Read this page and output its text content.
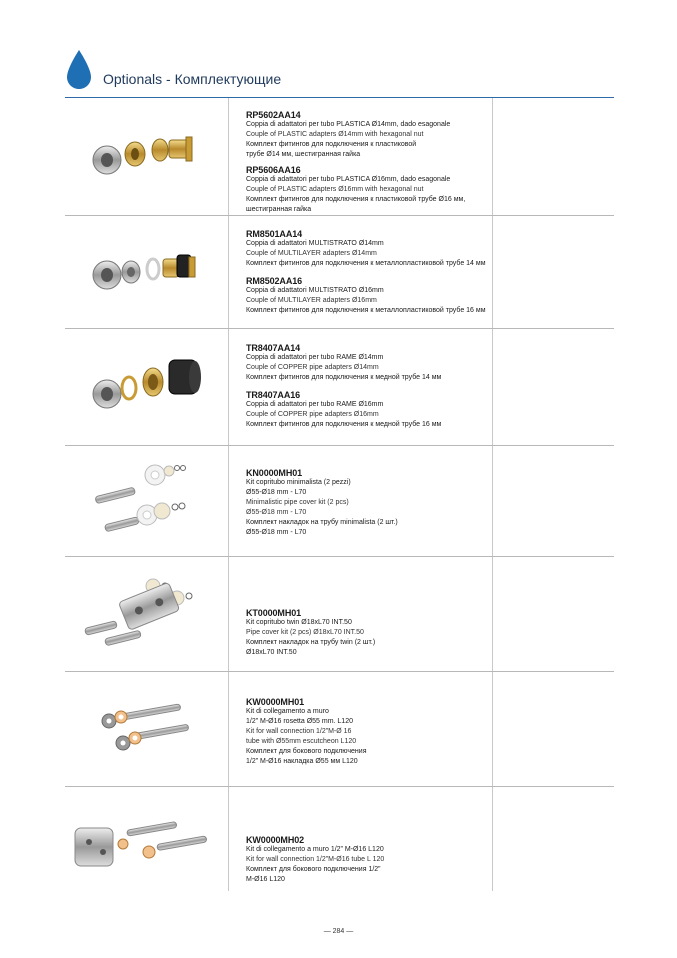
Optionals - Комплектующие
RP5602AA14
Coppia di adattatori per tubo PLASTICA Ø14mm, dado esagonale
Couple of PLASTIC adapters Ø14mm with hexagonal nut
Комплект фитингов для подключения к пластиковой
трубе Ø14 мм, шестигранная гайка
RP5606AA16
Coppia di adattatori per tubo PLASTICA Ø16mm, dado esagonale
Couple of PLASTIC adapters Ø16mm with hexagonal nut
Комплект фитингов для подключения к пластиковой трубе Ø16 мм,
шестигранная гайка
RM8501AA14
Coppia di adattatori MULTISTRATO Ø14mm
Couple of MULTILAYER adapters Ø14mm
Комплект фитингов для подключения к металлопластиковой трубе 14 мм
RM8502AA16
Coppia di adattatori MULTISTRATO Ø16mm
Couple of MULTILAYER adapters Ø16mm
Комплект фитингов для подключения к металлопластиковой трубе 16 мм
TR8407AA14
Coppia di adattatori per tubo RAME Ø14mm
Couple of COPPER pipe adapters Ø14mm
Комплект фитингов для подключения к медной трубе 14 мм
TR8407AA16
Coppia di adattatori per tubo RAME Ø16mm
Couple of COPPER pipe adapters Ø16mm
Комплект фитингов для подключения к медной трубе 16 мм
KN0000MH01
Kit copritubo minimalista (2 pezzi)
Ø55-Ø18 mm - L70
Minimalistic pipe cover kit (2 pcs)
Ø55-Ø18 mm - L70
Комплект накладок на трубу minimalista (2 шт.)
Ø55-Ø18 mm - L70
KT0000MH01
Kit copritubo twin Ø18xL70 INT.50
Pipe cover kit (2 pcs) Ø18xL70 INT.50
Комплект накладок на трубу twin (2 шт.)
Ø18xL70 INT.50
KW0000MH01
Kit di collegamento a muro
1/2” M-Ø16 rosetta Ø55 mm. L120
Kit for wall connection 1/2”M-Ø 16
tube with Ø55mm escutcheon L120
Комплект для бокового подключения
1/2” M-Ø16 накладка Ø55 мм L120
KW0000MH02
Kit di collegamento a muro 1/2” M-Ø16 L120
Kit for wall connection 1/2”M-Ø16 tube L 120
Комплект для бокового подключения 1/2”
M-Ø16 L120
— 284 —
